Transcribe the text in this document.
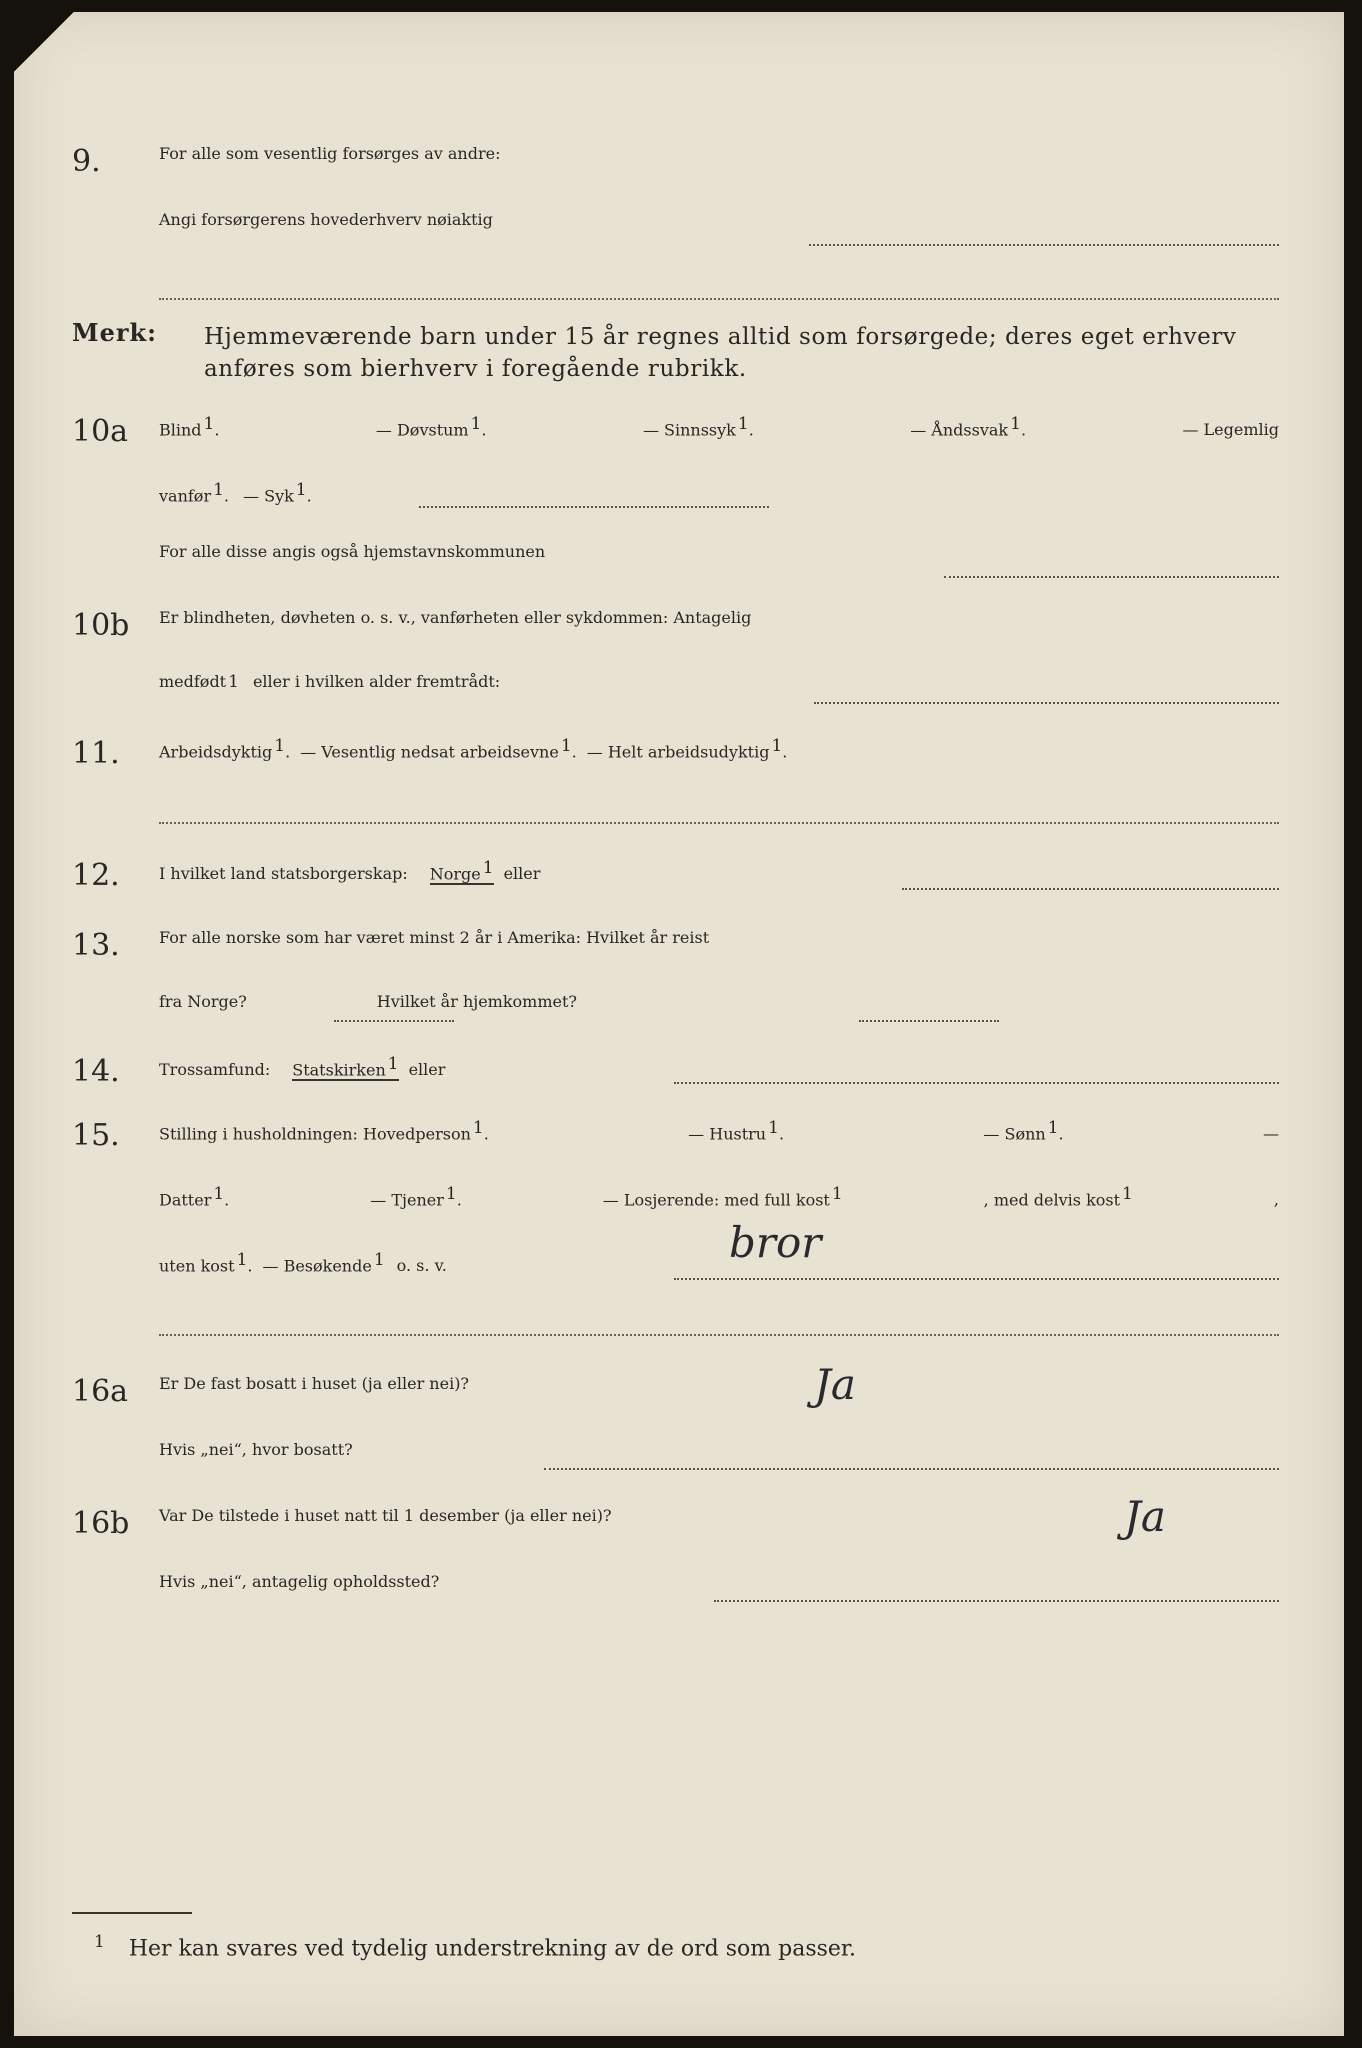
9.	For alle som vesentlig forsørges av andre:
Angi forsørgerens hovederhverv nøiaktig
Merk: Hjemmeværende barn under 15 år regnes alltid som forsørgede; deres eget erhverv
anføres som bierhverv i foregående rubrikk.
10a Blind 1.	— Døvstum 1.	— Sinnssyk 1.	— Åndssvak 1.	— Legemlig
vanfør 1. — Syk 1.
For alle disse angis også hjemstavnskommunen
10b Er blindheten, døvheten o. s. v., vanførheten eller sykdommen: Antagelig
medfødt 1 eller i hvilken alder fremtrådt:
11. Arbeidsdyktig 1. — Vesentlig nedsat arbeidsevne 1. — Helt arbeidsudyktig 1.
12. I hvilket land statsborgerskap: Norge 1 eller
13. For alle norske som har været minst 2 år i Amerika: Hvilket år reist
fra Norge?	Hvilket år hjemkommet?
14. Trossamfund: Statskirken 1 eller
15. Stilling i husholdningen: Hovedperson 1.	— Hustru 1.	— Sønn 1.	—
Datter 1.	— Tjener 1.	— Losjerende: med full kost 1	, med delvis kost 1	,
uten kost 1. — Besøkende 1 o. s. v.	bror
16a Er De fast bosatt i huset (ja eller nei)?	Ja
Hvis „nei“, hvor bosatt?
16b Var De tilstede i huset natt til 1 desember (ja eller nei)?	Ja
Hvis „nei“, antagelig opholdssted?
$^1$ Her kan svares ved tydelig understrekning av de ord som passer.
